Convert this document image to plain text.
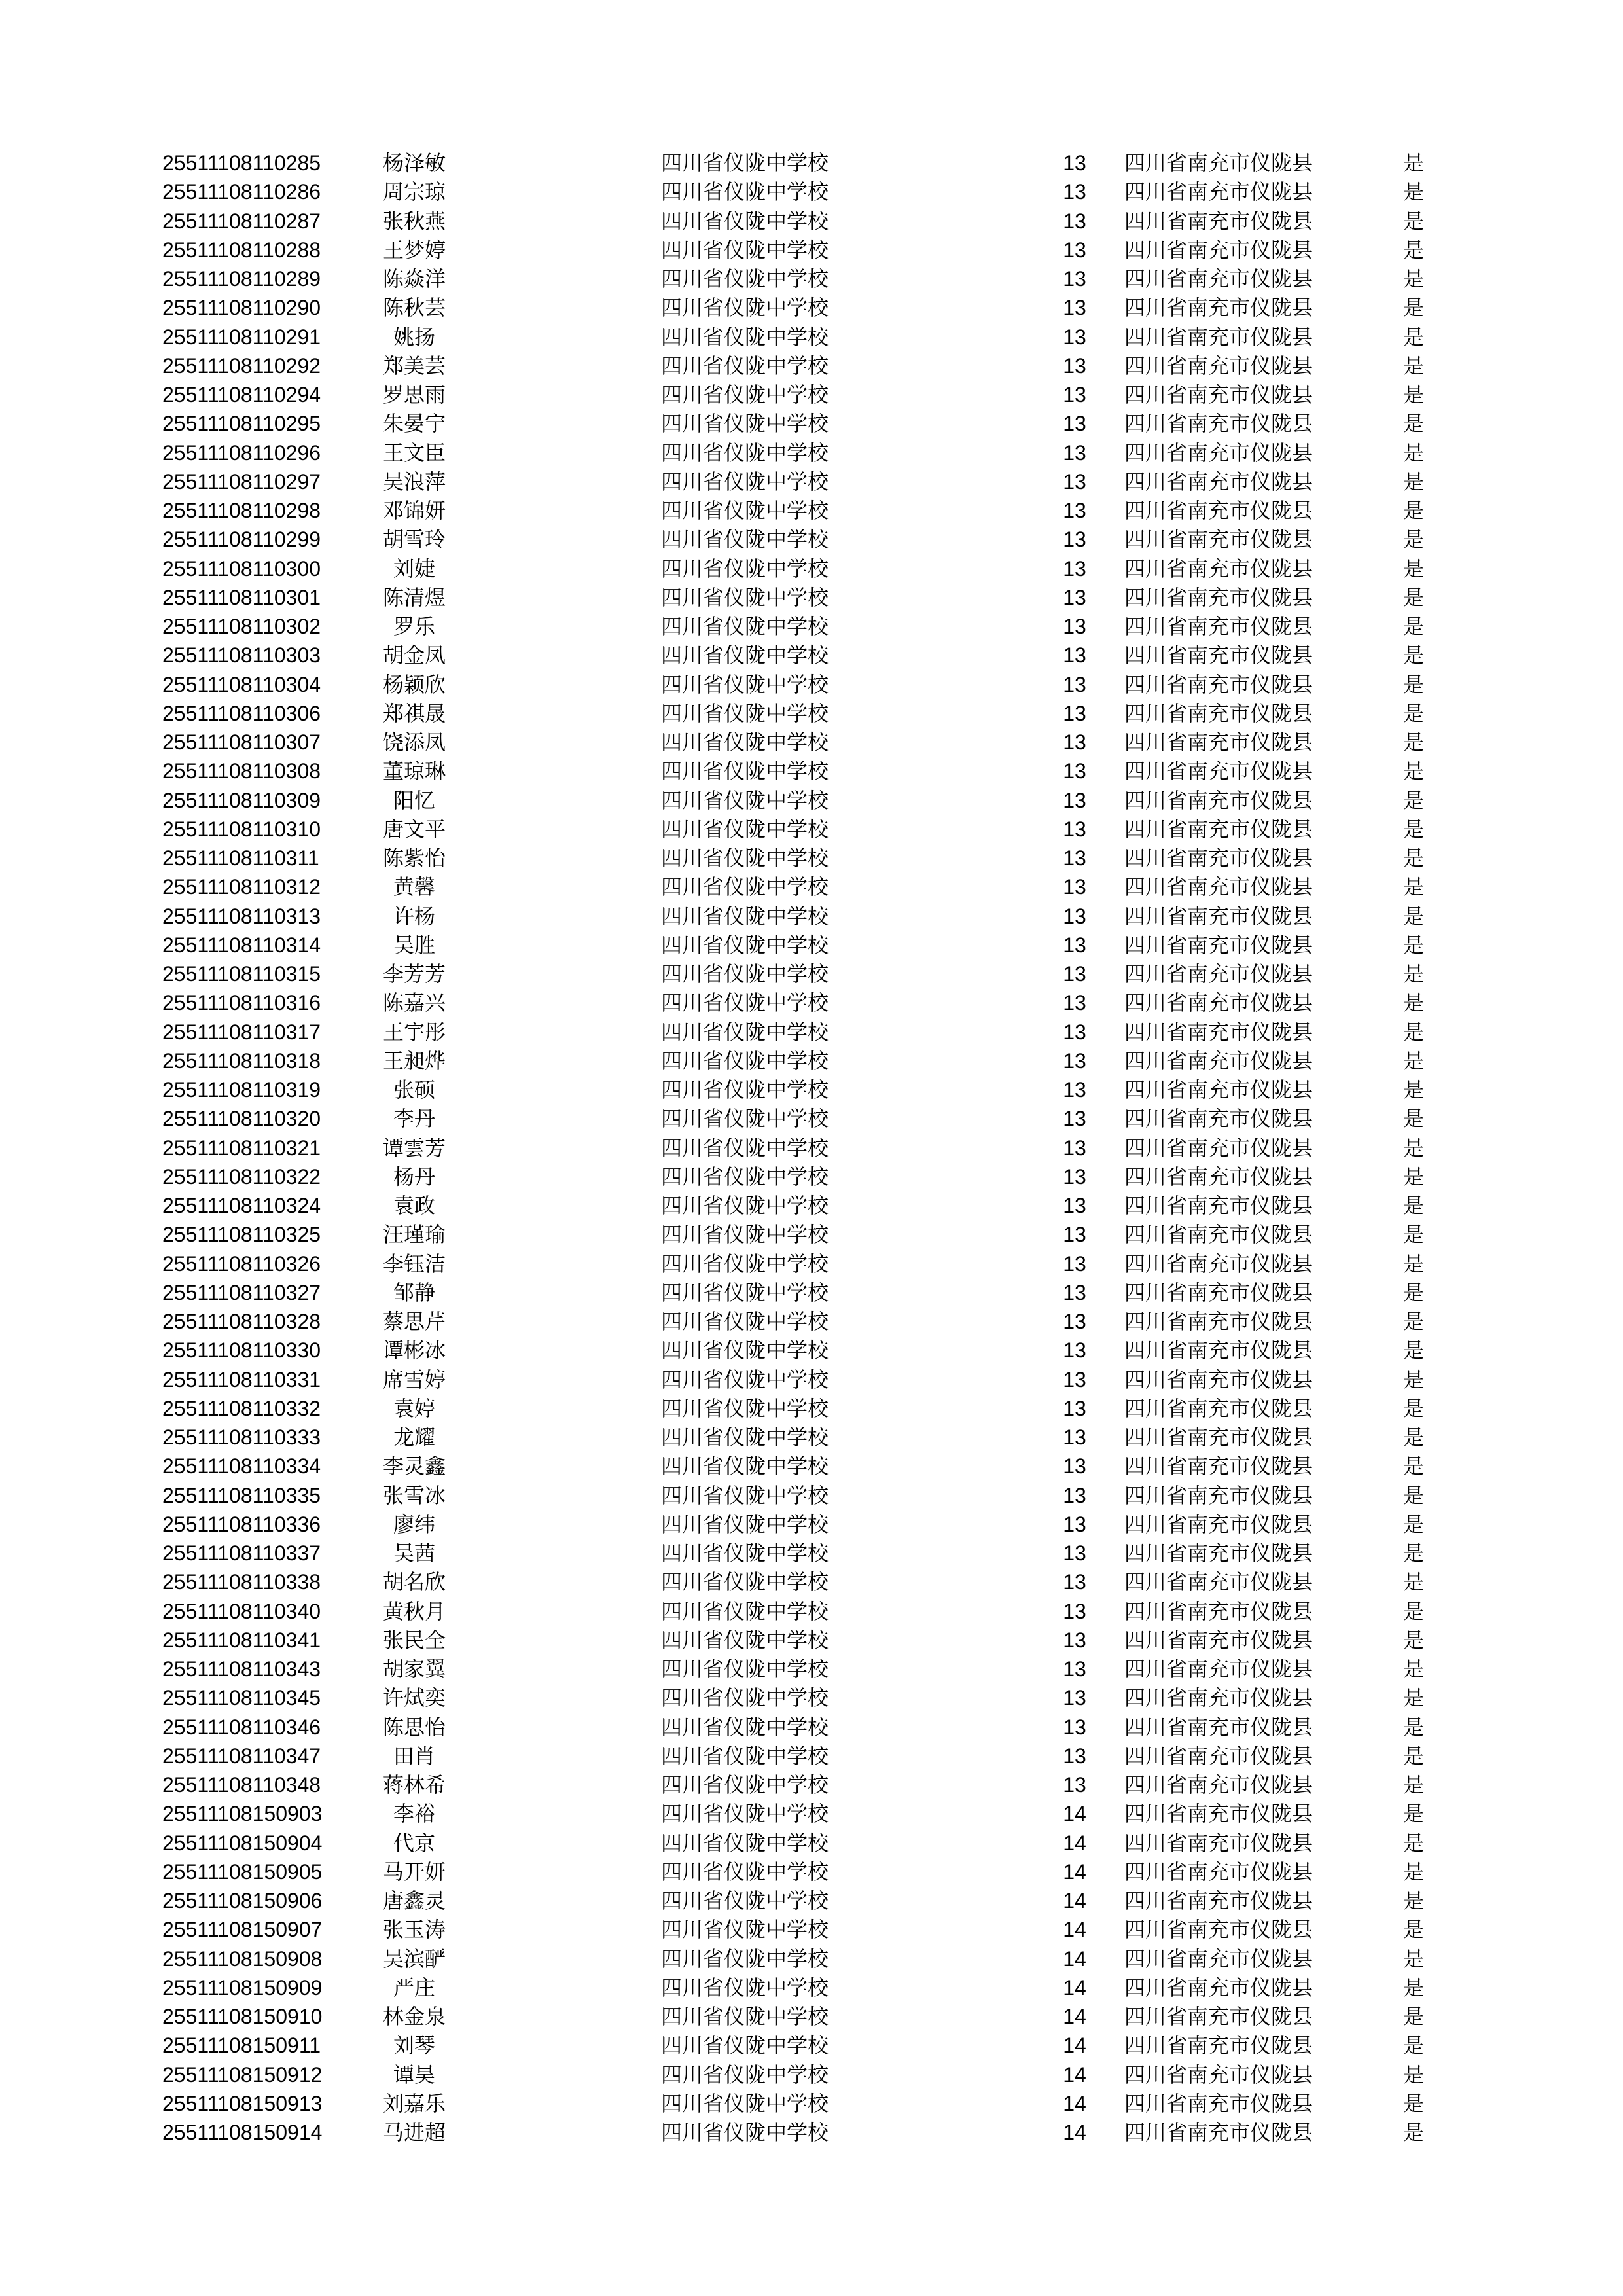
25511108110285	杨泽敏	四川省仪陇中学校	13	四川省南充市仪陇县	是
25511108110286	周宗琼	四川省仪陇中学校	13	四川省南充市仪陇县	是
25511108110287	张秋燕	四川省仪陇中学校	13	四川省南充市仪陇县	是
25511108110288	王梦婷	四川省仪陇中学校	13	四川省南充市仪陇县	是
25511108110289	陈焱洋	四川省仪陇中学校	13	四川省南充市仪陇县	是
25511108110290	陈秋芸	四川省仪陇中学校	13	四川省南充市仪陇县	是
25511108110291	姚扬	四川省仪陇中学校	13	四川省南充市仪陇县	是
25511108110292	郑美芸	四川省仪陇中学校	13	四川省南充市仪陇县	是
25511108110294	罗思雨	四川省仪陇中学校	13	四川省南充市仪陇县	是
25511108110295	朱晏宁	四川省仪陇中学校	13	四川省南充市仪陇县	是
25511108110296	王文臣	四川省仪陇中学校	13	四川省南充市仪陇县	是
25511108110297	吴浪萍	四川省仪陇中学校	13	四川省南充市仪陇县	是
25511108110298	邓锦妍	四川省仪陇中学校	13	四川省南充市仪陇县	是
25511108110299	胡雪玲	四川省仪陇中学校	13	四川省南充市仪陇县	是
25511108110300	刘婕	四川省仪陇中学校	13	四川省南充市仪陇县	是
25511108110301	陈清煜	四川省仪陇中学校	13	四川省南充市仪陇县	是
25511108110302	罗乐	四川省仪陇中学校	13	四川省南充市仪陇县	是
25511108110303	胡金凤	四川省仪陇中学校	13	四川省南充市仪陇县	是
25511108110304	杨颖欣	四川省仪陇中学校	13	四川省南充市仪陇县	是
25511108110306	郑祺晟	四川省仪陇中学校	13	四川省南充市仪陇县	是
25511108110307	饶添凤	四川省仪陇中学校	13	四川省南充市仪陇县	是
25511108110308	董琼琳	四川省仪陇中学校	13	四川省南充市仪陇县	是
25511108110309	阳忆	四川省仪陇中学校	13	四川省南充市仪陇县	是
25511108110310	唐文平	四川省仪陇中学校	13	四川省南充市仪陇县	是
25511108110311	陈紫怡	四川省仪陇中学校	13	四川省南充市仪陇县	是
25511108110312	黄馨	四川省仪陇中学校	13	四川省南充市仪陇县	是
25511108110313	许杨	四川省仪陇中学校	13	四川省南充市仪陇县	是
25511108110314	吴胜	四川省仪陇中学校	13	四川省南充市仪陇县	是
25511108110315	李芳芳	四川省仪陇中学校	13	四川省南充市仪陇县	是
25511108110316	陈嘉兴	四川省仪陇中学校	13	四川省南充市仪陇县	是
25511108110317	王宇彤	四川省仪陇中学校	13	四川省南充市仪陇县	是
25511108110318	王昶烨	四川省仪陇中学校	13	四川省南充市仪陇县	是
25511108110319	张硕	四川省仪陇中学校	13	四川省南充市仪陇县	是
25511108110320	李丹	四川省仪陇中学校	13	四川省南充市仪陇县	是
25511108110321	谭雲芳	四川省仪陇中学校	13	四川省南充市仪陇县	是
25511108110322	杨丹	四川省仪陇中学校	13	四川省南充市仪陇县	是
25511108110324	袁政	四川省仪陇中学校	13	四川省南充市仪陇县	是
25511108110325	汪瑾瑜	四川省仪陇中学校	13	四川省南充市仪陇县	是
25511108110326	李钰洁	四川省仪陇中学校	13	四川省南充市仪陇县	是
25511108110327	邹静	四川省仪陇中学校	13	四川省南充市仪陇县	是
25511108110328	蔡思芹	四川省仪陇中学校	13	四川省南充市仪陇县	是
25511108110330	谭彬冰	四川省仪陇中学校	13	四川省南充市仪陇县	是
25511108110331	席雪婷	四川省仪陇中学校	13	四川省南充市仪陇县	是
25511108110332	袁婷	四川省仪陇中学校	13	四川省南充市仪陇县	是
25511108110333	龙耀	四川省仪陇中学校	13	四川省南充市仪陇县	是
25511108110334	李灵鑫	四川省仪陇中学校	13	四川省南充市仪陇县	是
25511108110335	张雪冰	四川省仪陇中学校	13	四川省南充市仪陇县	是
25511108110336	廖纬	四川省仪陇中学校	13	四川省南充市仪陇县	是
25511108110337	吴茜	四川省仪陇中学校	13	四川省南充市仪陇县	是
25511108110338	胡名欣	四川省仪陇中学校	13	四川省南充市仪陇县	是
25511108110340	黄秋月	四川省仪陇中学校	13	四川省南充市仪陇县	是
25511108110341	张民全	四川省仪陇中学校	13	四川省南充市仪陇县	是
25511108110343	胡家翼	四川省仪陇中学校	13	四川省南充市仪陇县	是
25511108110345	许烒奕	四川省仪陇中学校	13	四川省南充市仪陇县	是
25511108110346	陈思怡	四川省仪陇中学校	13	四川省南充市仪陇县	是
25511108110347	田肖	四川省仪陇中学校	13	四川省南充市仪陇县	是
25511108110348	蒋林希	四川省仪陇中学校	13	四川省南充市仪陇县	是
25511108150903	李裕	四川省仪陇中学校	14	四川省南充市仪陇县	是
25511108150904	代京	四川省仪陇中学校	14	四川省南充市仪陇县	是
25511108150905	马开妍	四川省仪陇中学校	14	四川省南充市仪陇县	是
25511108150906	唐鑫灵	四川省仪陇中学校	14	四川省南充市仪陇县	是
25511108150907	张玉涛	四川省仪陇中学校	14	四川省南充市仪陇县	是
25511108150908	吴滨酽	四川省仪陇中学校	14	四川省南充市仪陇县	是
25511108150909	严庄	四川省仪陇中学校	14	四川省南充市仪陇县	是
25511108150910	林金泉	四川省仪陇中学校	14	四川省南充市仪陇县	是
25511108150911	刘琴	四川省仪陇中学校	14	四川省南充市仪陇县	是
25511108150912	谭昊	四川省仪陇中学校	14	四川省南充市仪陇县	是
25511108150913	刘嘉乐	四川省仪陇中学校	14	四川省南充市仪陇县	是
25511108150914	马进超	四川省仪陇中学校	14	四川省南充市仪陇县	是
